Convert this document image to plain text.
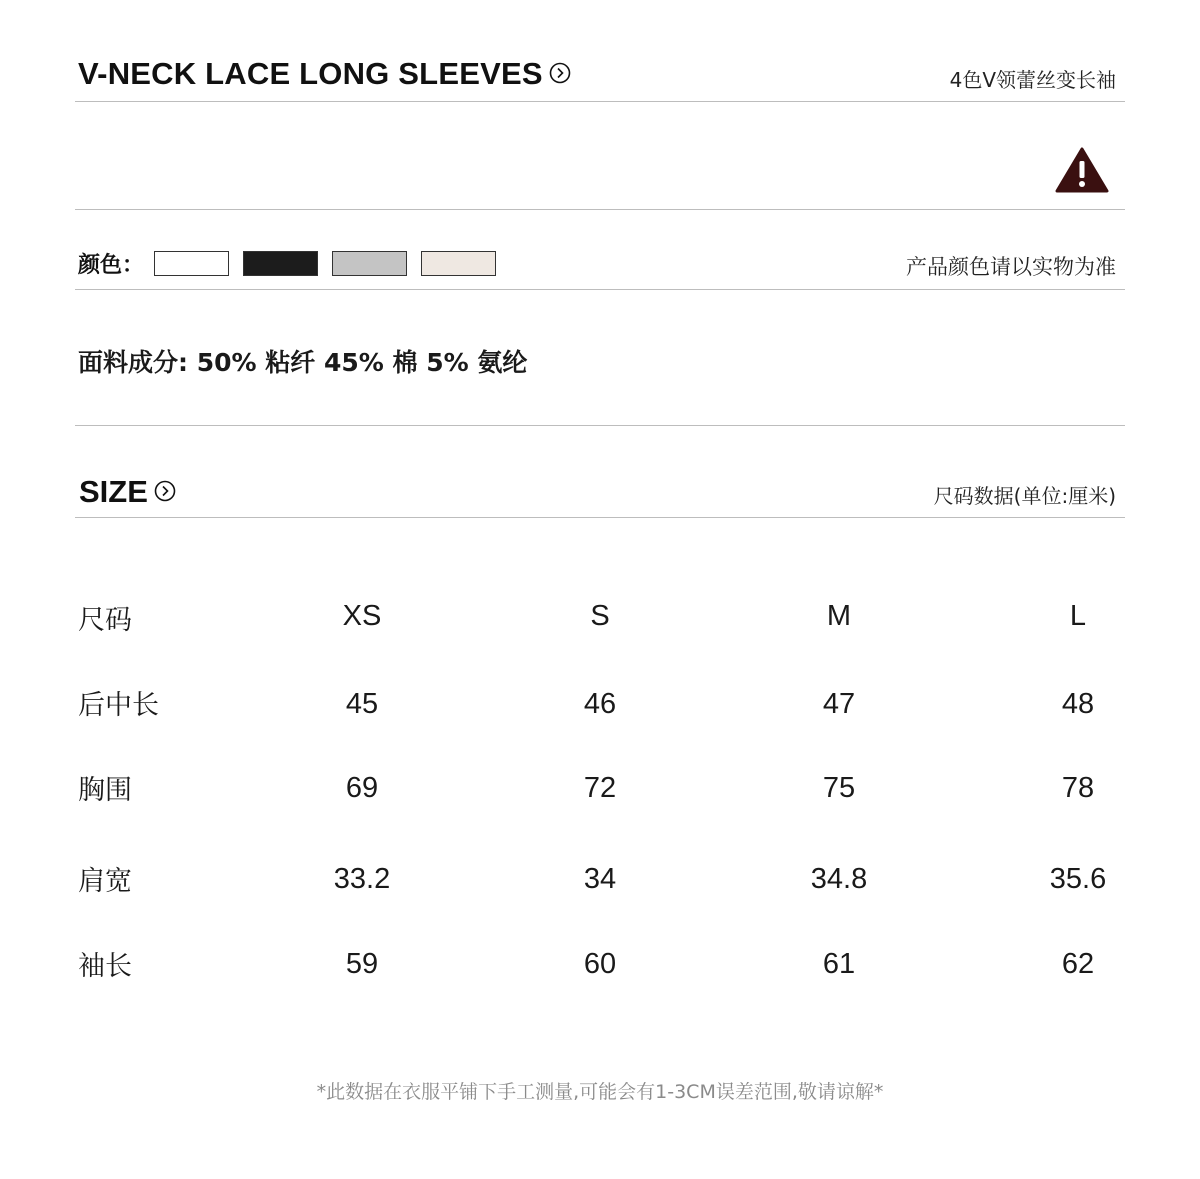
V-NECK LACE LONG SLEEVES	4色V领蕾丝变长袖
颜色：	产品颜色请以实物为准
面料成分: 50% 粘纤 45% 棉 5% 氨纶
SIZE	尺码数据(单位:厘米)
尺码	XS	S	M	L
后中长	45	46	47	48
胸围	69	72	75	78
肩宽	33.2	34	34.8	35.6
袖长	59	60	61	62
*此数据在衣服平铺下手工测量,可能会有1-3CM误差范围,敬请谅解*
